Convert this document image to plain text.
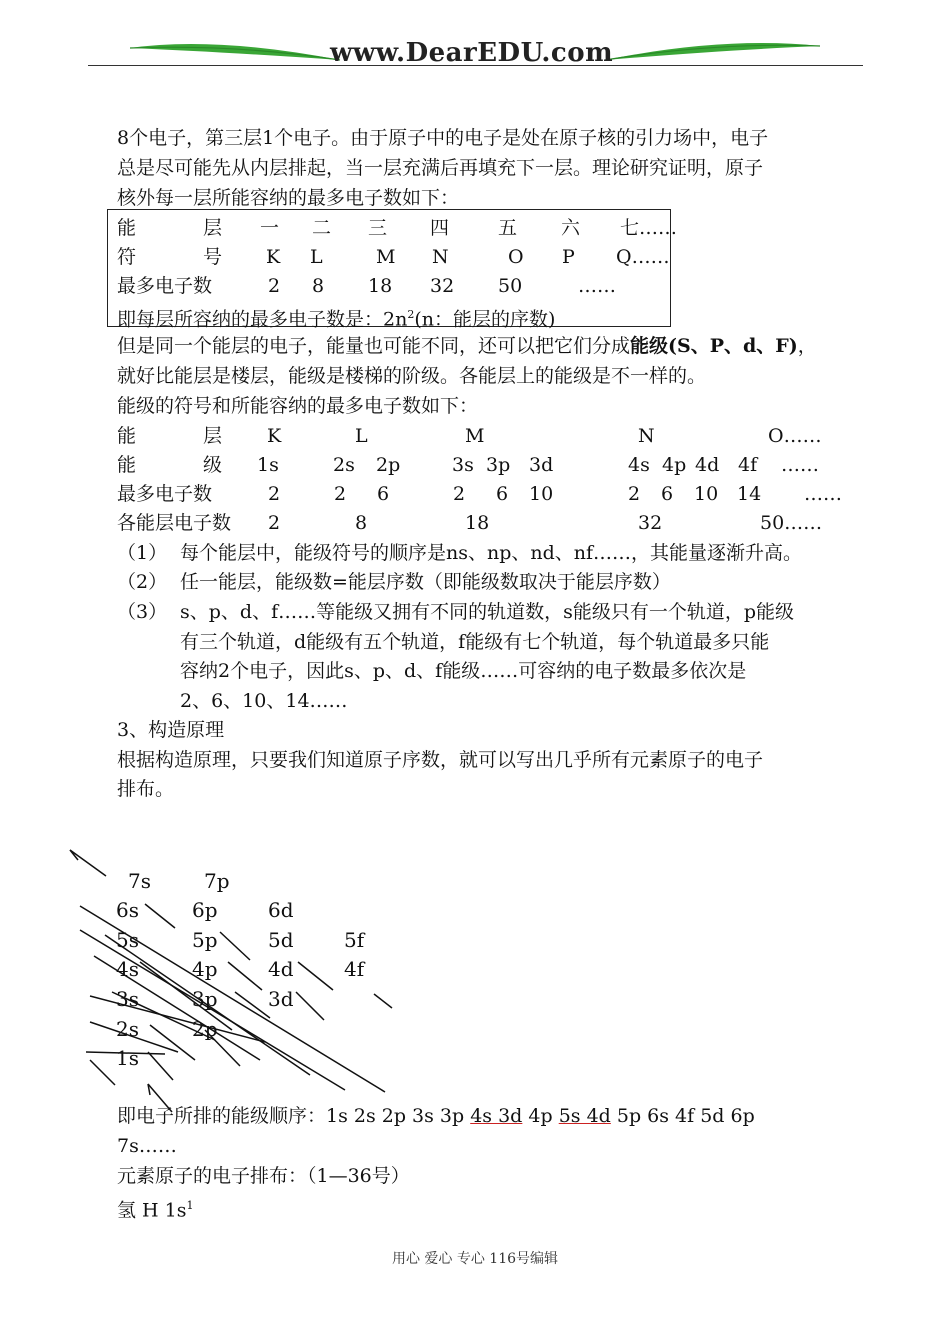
www.DearEDU.com
8个电子，第三层1个电子。由于原子中的电子是处在原子核的引力场中，电子
总是尽可能先从内层排起，当一层充满后再填充下一层。理论研究证明，原子
核外每一层所能容纳的最多电子数如下：
能	层 一 二 三 四	五 六 七……
符	号 K L	M N	O P Q……
最多电子数	2 8 18 32 50	……
即每层所容纳的最多电子数是：$2n^2(n$：能层的序数)
但是同一个能层的电子，能量也可能不同，还可以把它们分成能级(S、P、d、F)，
就好比能层是楼层，能级是楼梯的阶级。各能层上的能级是不一样的。
能级的符号和所能容纳的最多电子数如下：
能	层 K	L	M	N	O……
能	级 1s	2s 2p	3s 3p 3d	4s 4p 4d 4f ……
最多电子数	2	2 6	2 6 10	2 6 10 14 ……
各能层电子数 2	8	18	32	50……
（1） 每个能层中，能级符号的顺序是ns、np、nd、nf……，其能量逐渐升高。
（2） 任一能层，能级数=能层序数（即能级数取决于能层序数）
（3） s、p、d、f……等能级又拥有不同的轨道数，s能级只有一个轨道，p能级
有三个轨道，d能级有五个轨道，f能级有七个轨道，每个轨道最多只能
容纳2个电子，因此s、p、d、f能级……可容纳的电子数最多依次是
2、6、10、14……
3、构造原理
根据构造原理，只要我们知道原子序数，就可以写出几乎所有元素原子的电子
排布。
7s	7p
6s	6p	6d
5s	5p	5d	5f
4s	4p	4d	4f
3s	3p	3d
2s	2p
1s
即电子所排的能级顺序：1s 2s 2p 3s 3p 4s 3d 4p 5s 4d 5p 6s 4f 5d 6p
7s……
元素原子的电子排布：（1—36号）
氢 H $1s^1$
用心 爱心 专心 116号编辑
